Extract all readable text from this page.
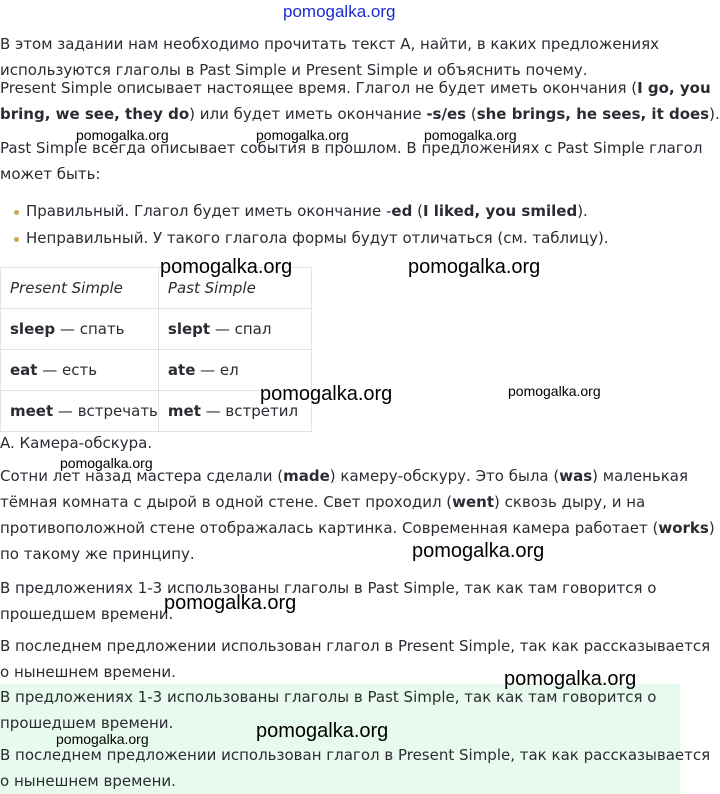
pomogalka.org
В этом задании нам необходимо прочитать текст A, найти, в каких предложениях
используются глаголы в Past Simple и Present Simple и объяснить почему.
Present Simple описывает настоящее время. Глагол не будет иметь окончания (I go, you
bring, we see, they do) или будет иметь окончание -s/es (she brings, he sees, it does).
Past Simple всегда описывает события в прошлом. В предложениях с Past Simple глагол
может быть:
Правильный. Глагол будет иметь окончание -ed (I liked, you smiled).
Неправильный. У такого глагола формы будут отличаться (см. таблицу).
Present Simple	Past Simple
sleep — спать	slept — спал
eat — есть	ate — ел
meet — встречать	met — встретил
A. Камера-обскура.
Сотни лет назад мастера сделали (made) камеру-обскуру. Это была (was) маленькая
тёмная комната с дырой в одной стене. Свет проходил (went) сквозь дыру, и на
противоположной стене отображалась картинка. Современная камера работает (works)
по такому же принципу.
В предложениях 1-3 использованы глаголы в Past Simple, так как там говорится о
прошедшем времени.
В последнем предложении использован глагол в Present Simple, так как рассказывается
о нынешнем времени.
В предложениях 1-3 использованы глаголы в Past Simple, так как там говорится о
прошедшем времени.
В последнем предложении использован глагол в Present Simple, так как рассказывается
о нынешнем времени.
pomogalka.org	pomogalka.org	pomogalka.org
pomogalka.org	pomogalka.org
pomogalka.org	pomogalka.org
pomogalka.org
pomogalka.org
pomogalka.org
pomogalka.org
pomogalka.org
pomogalka.org
